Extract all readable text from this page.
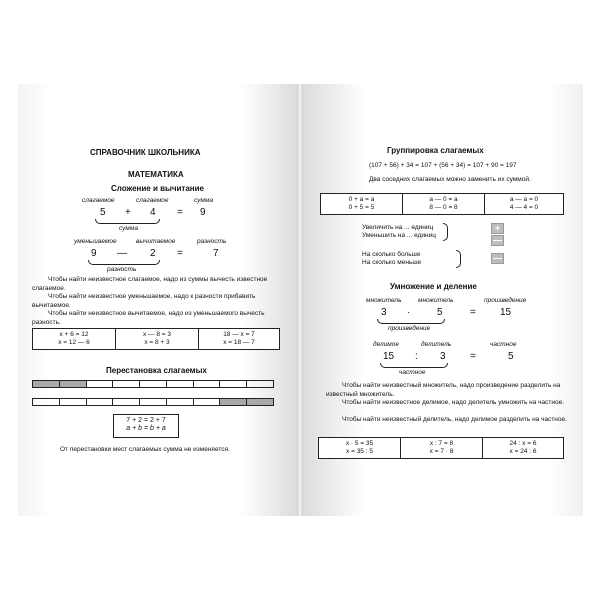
СПРАВОЧНИК ШКОЛЬНИКА
МАТЕМАТИКА
Сложение и вычитание
слагаемое	слагаемое	сумма
5 + 4 = 9
сумма
уменьшаемое	вычитаемое	разность
9 — 2 =	7
разность
Чтобы найти неизвестное слагаемое, надо из суммы вычесть известное слагаемое.
Чтобы найти неизвестное уменьшаемое, надо к разности прибавить вычитаемое.
Чтобы найти неизвестное вычитаемое, надо из уменьшаемого вычесть разность.
x + 6 = 12
x = 12 — 6
x — 8 = 3
x = 8 + 3
18 — x = 7
x = 18 — 7
Перестановка слагаемых
7 + 2 = 2 + 7
a + b = b + a
От перестановки мест слагаемых сумма не изменяется.
Группировка слагаемых
(107 + 56) + 34 = 107 + (56 + 34) = 107 + 90 = 197
Два соседних слагаемых можно заменить их суммой.
0 + a = a
0 + 5 = 5
a — 0 = a
8 — 0 = 8
a — a = 0
4 — 4 = 0
Увеличить на ... единиц
Уменьшить на ... единиц
+
—
На сколько больше
На сколько меньше	—
Умножение и деление
множитель	множитель	произведение
3 ·	5	= 15
произведение
делимое	делитель	частное
15 : 3 =	5
частное
Чтобы найти неизвестный множитель, надо произведение разделить на известный множитель.
Чтобы найти неизвестное делимое, надо делитель умножить на частное.
Чтобы найти неизвестный делитель, надо делимое разделить на частное.
x · 5 = 35
x = 35 : 5
x : 7 = 8
x = 7 · 8
24 : x = 6
x = 24 : 6
